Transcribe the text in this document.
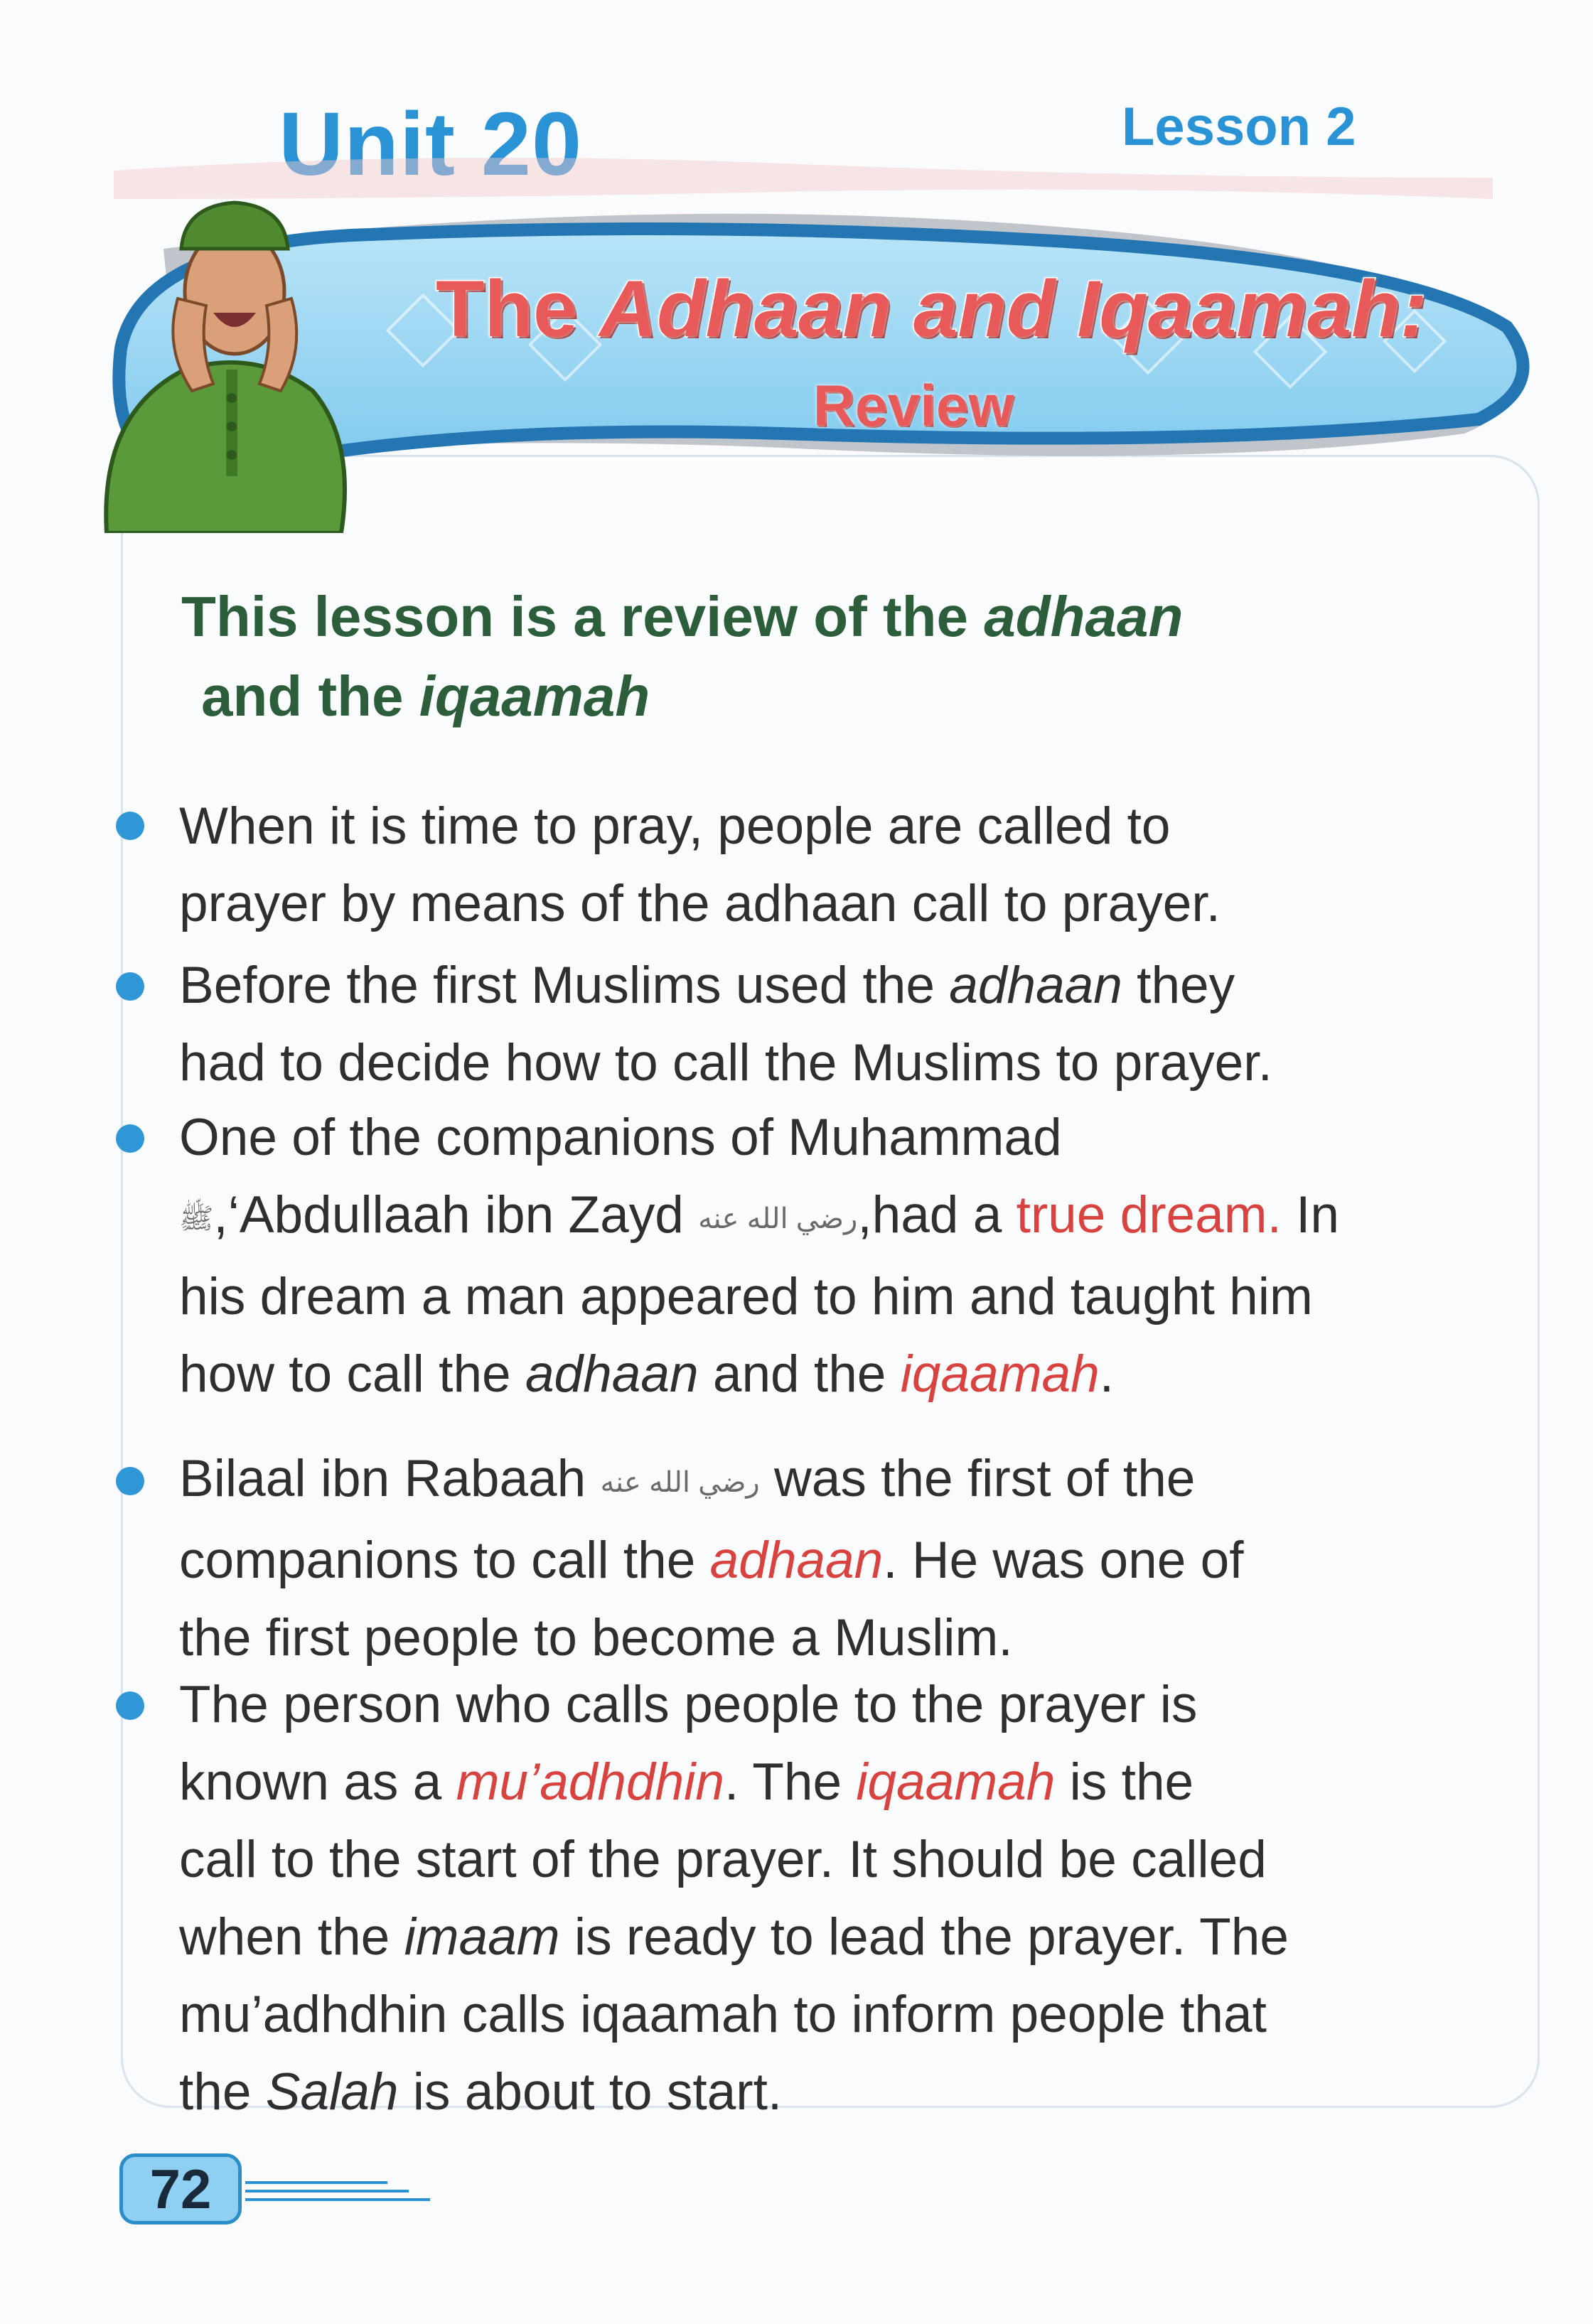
Unit 20	Lesson 2
The Adhaan and Iqaamah:
Review
This lesson is a review of the adhaan
and the iqaamah
When it is time to pray, people are called to
prayer by means of the adhaan call to prayer.
Before the first Muslims used the adhaan they
had to decide how to call the Muslims to prayer.
One of the companions of Muhammad
ﷺ,‘Abdullaah ibn Zayd رضي الله عنه,had a true dream. In
his dream a man appeared to him and taught him
how to call the adhaan and the iqaamah.
Bilaal ibn Rabaah رضي الله عنه was the first of the
companions to call the adhaan. He was one of
the first people to become a Muslim.
The person who calls people to the prayer is
known as a mu’adhdhin. The iqaamah is the
call to the start of the prayer. It should be called
when the imaam is ready to lead the prayer. The
mu’adhdhin calls iqaamah to inform people that
the Salah is about to start.
72
